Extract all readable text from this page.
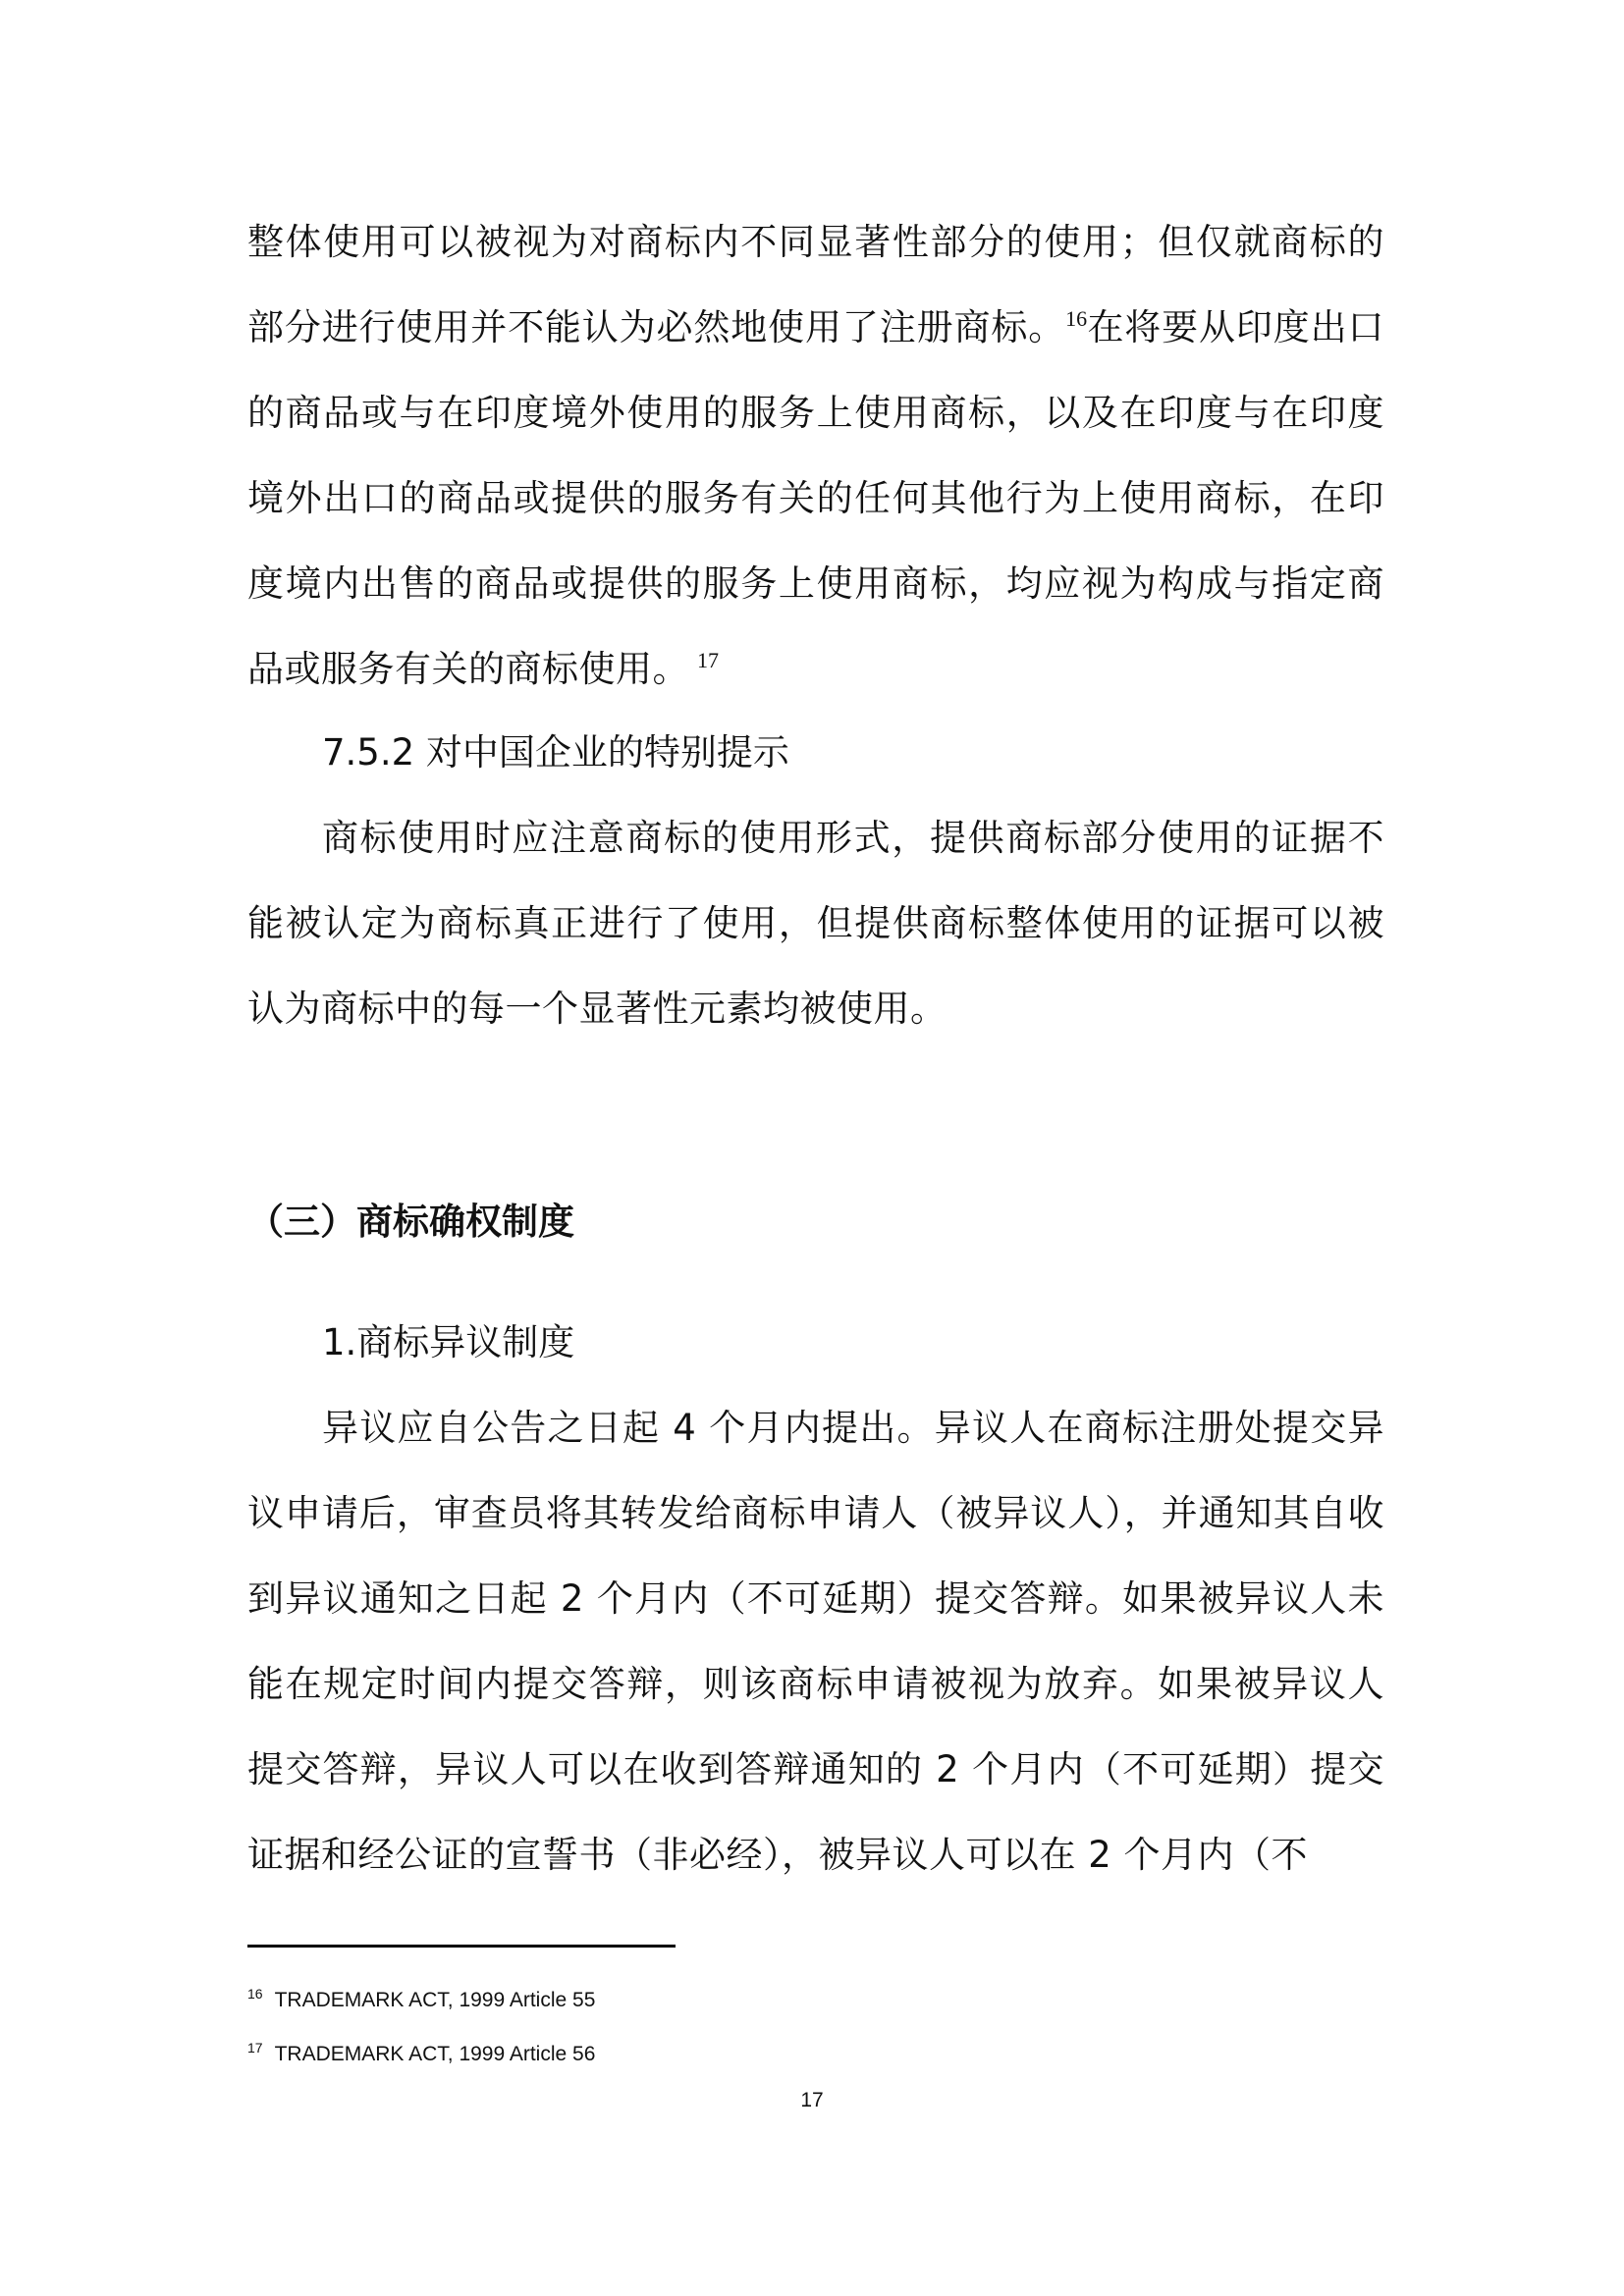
整体使用可以被视为对商标内不同显著性部分的使用；但仅就商标的部分进行使用并不能认为必然地使用了注册商标。$^{16}$在将要从印度出口的商品或与在印度境外使用的服务上使用商标，以及在印度与在印度境外出口的商品或提供的服务有关的任何其他行为上使用商标，在印度境内出售的商品或提供的服务上使用商标，均应视为构成与指定商品或服务有关的商标使用。 $^{17}$

7.5.2 对中国企业的特别提示

商标使用时应注意商标的使用形式，提供商标部分使用的证据不能被认定为商标真正进行了使用，但提供商标整体使用的证据可以被认为商标中的每一个显著性元素均被使用。

（三）商标确权制度

1.商标异议制度

异议应自公告之日起 4 个月内提出。异议人在商标注册处提交异议申请后，审查员将其转发给商标申请人（被异议人），并通知其自收到异议通知之日起 2 个月内（不可延期）提交答辩。如果被异议人未能在规定时间内提交答辩，则该商标申请被视为放弃。如果被异议人提交答辩，异议人可以在收到答辩通知的 2 个月内（不可延期）提交证据和经公证的宣誓书（非必经），被异议人可以在 2 个月内（不

$^{16}$ TRADEMARK ACT, 1999 Article 55

$^{17}$ TRADEMARK ACT, 1999 Article 56

17
